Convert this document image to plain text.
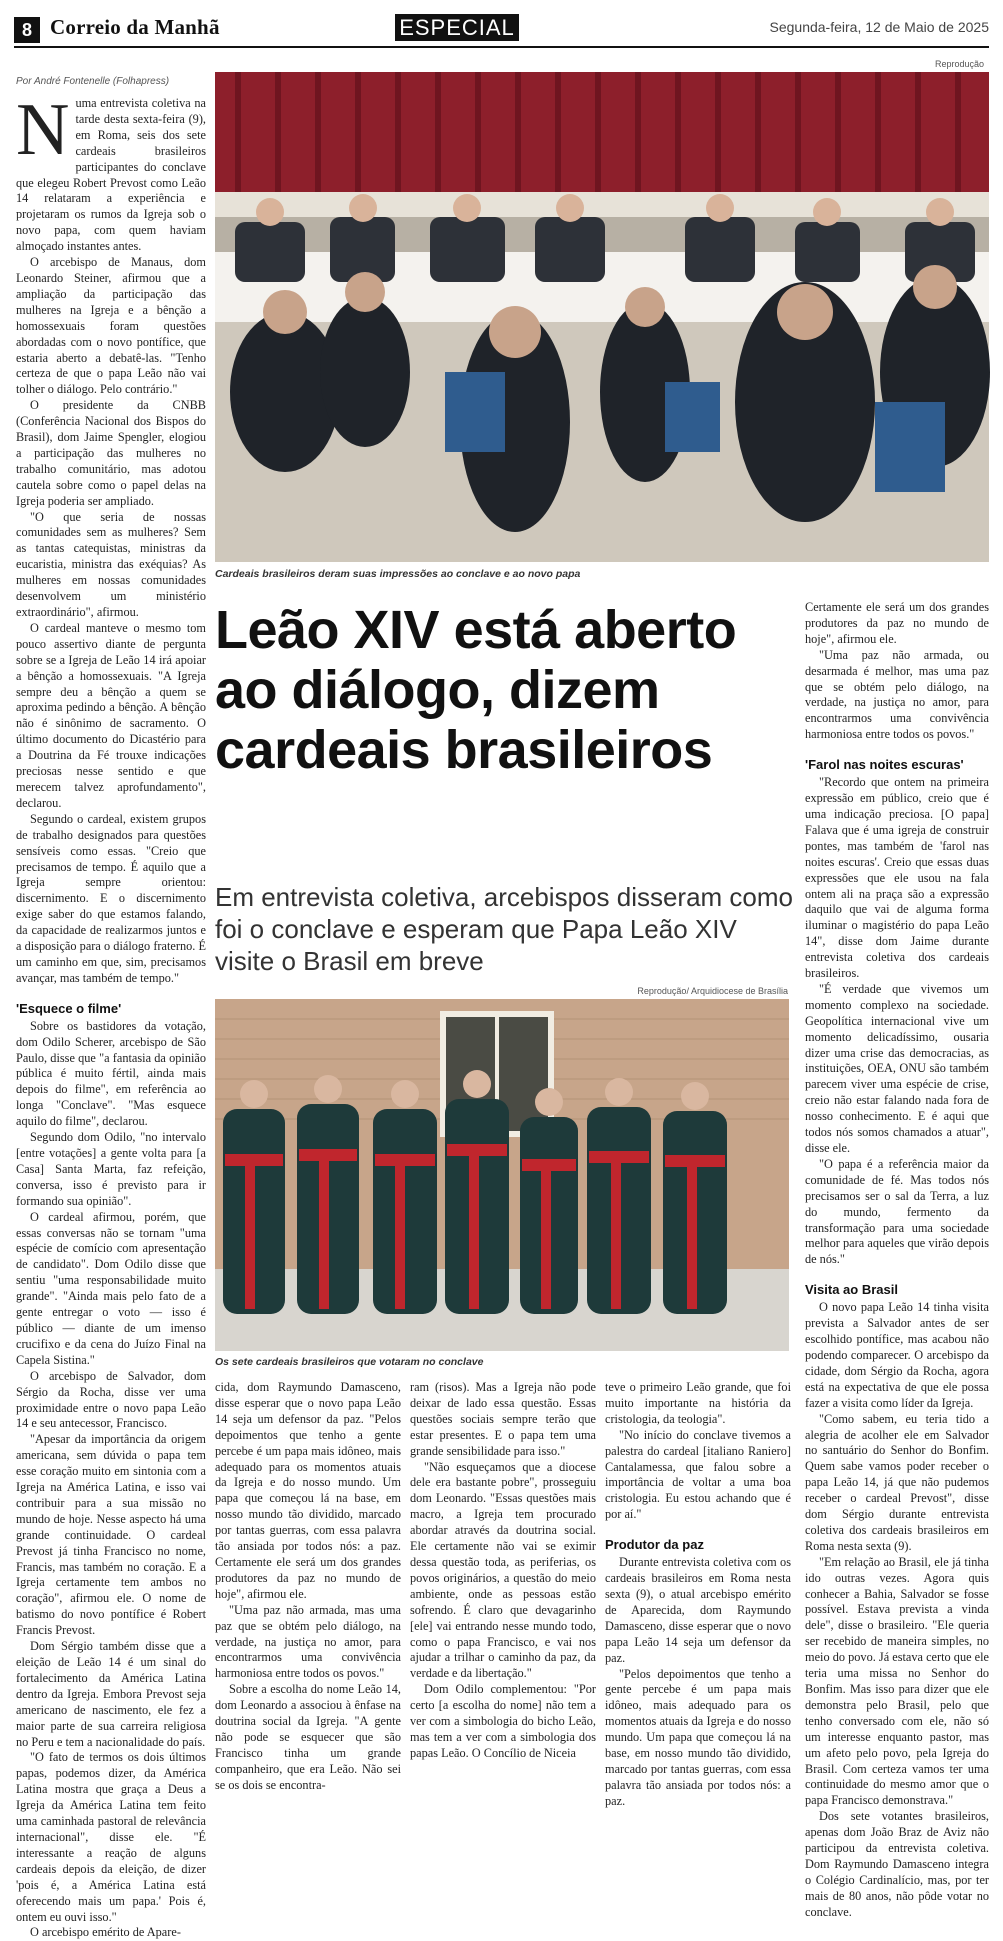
8 Correio da Manhã	ESPECIAL	Segunda-feira, 12 de Maio de 2025
Por André Fontenelle (Folhapress)

Numa entrevista coletiva na tarde desta sexta-feira (9), em Roma, seis dos sete cardeais brasileiros participantes do conclave que elegeu Robert Prevost como Leão 14 relataram a experiência e projetaram os rumos da Igreja sob o novo papa, com quem haviam almoçado instantes antes.

O arcebispo de Manaus, dom Leonardo Steiner, afirmou que a ampliação da participação das mulheres na Igreja e a bênção a homossexuais foram questões abordadas com o novo pontífice, que estaria aberto a debatê-las. "Tenho certeza de que o papa Leão não vai tolher o diálogo. Pelo contrário."

O presidente da CNBB (Conferência Nacional dos Bispos do Brasil), dom Jaime Spengler, elogiou a participação das mulheres no trabalho comunitário, mas adotou cautela sobre como o papel delas na Igreja poderia ser ampliado.

"O que seria de nossas comunidades sem as mulheres? Sem as tantas catequistas, ministras da eucaristia, ministra das exéquias? As mulheres em nossas comunidades desenvolvem um ministério extraordinário", afirmou.

O cardeal manteve o mesmo tom pouco assertivo diante de pergunta sobre se a Igreja de Leão 14 irá apoiar a bênção a homossexuais. "A Igreja sempre deu a bênção a quem se aproxima pedindo a bênção. A bênção não é sinônimo de sacramento. O último documento do Dicastério para a Doutrina da Fé trouxe indicações preciosas nesse sentido e que merecem talvez aprofundamento", declarou.

Segundo o cardeal, existem grupos de trabalho designados para questões sensíveis como essas. "Creio que precisamos de tempo. É aquilo que a Igreja sempre orientou: discernimento. E o discernimento exige saber do que estamos falando, da capacidade de realizarmos juntos e a disposição para o diálogo fraterno. É um caminho em que, sim, precisamos avançar, mas também de tempo."

'Esquece o filme'

Sobre os bastidores da votação, dom Odilo Scherer, arcebispo de São Paulo, disse que "a fantasia da opinião pública é muito fértil, ainda mais depois do filme", em referência ao longa "Conclave". "Mas esquece aquilo do filme", declarou.

Segundo dom Odilo, "no intervalo [entre votações] a gente volta para [a Casa] Santa Marta, faz refeição, conversa, isso é previsto para ir formando sua opinião".

O cardeal afirmou, porém, que essas conversas não se tornam "uma espécie de comício com apresentação de candidato". Dom Odilo disse que sentiu "uma responsabilidade muito grande". "Ainda mais pelo fato de a gente entregar o voto — isso é público — diante de um imenso crucifixo e da cena do Juízo Final na Capela Sistina."

O arcebispo de Salvador, dom Sérgio da Rocha, disse ver uma proximidade entre o novo papa Leão 14 e seu antecessor, Francisco.

"Apesar da importância da origem americana, sem dúvida o papa tem esse coração muito em sintonia com a Igreja na América Latina, e isso vai contribuir para a sua missão no mundo de hoje. Nesse aspecto há uma grande continuidade. O cardeal Prevost já tinha Francisco no nome, Francis, mas também no coração. E a Igreja certamente tem ambos no coração", afirmou ele. O nome de batismo do novo pontífice é Robert Francis Prevost.

Dom Sérgio também disse que a eleição de Leão 14 é um sinal do fortalecimento da América Latina dentro da Igreja. Embora Prevost seja americano de nascimento, ele fez a maior parte de sua carreira religiosa no Peru e tem a nacionalidade do país.

"O fato de termos os dois últimos papas, podemos dizer, da América Latina mostra que graça a Deus a Igreja da América Latina tem feito uma caminhada pastoral de relevância internacional", disse ele. "É interessante a reação de alguns cardeais depois da eleição, de dizer 'pois é, a América Latina está oferecendo mais um papa.' Pois é, ontem eu ouvi isso."

O arcebispo emérito de Apare-

Reprodução
Cardeais brasileiros deram suas impressões ao conclave e ao novo papa
Leão XIV está aberto ao diálogo, dizem cardeais brasileiros
Em entrevista coletiva, arcebispos disseram como foi o conclave e esperam que Papa Leão XIV visite o Brasil em breve
Reprodução/ Arquidiocese de Brasília
Os sete cardeais brasileiros que votaram no conclave

cida, dom Raymundo Damasceno, disse esperar que o novo papa Leão 14 seja um defensor da paz. "Pelos depoimentos que tenho a gente percebe é um papa mais idôneo, mais adequado para os momentos atuais da Igreja e do nosso mundo. Um papa que começou lá na base, em nosso mundo tão dividido, marcado por tantas guerras, com essa palavra tão ansiada por todos nós: a paz. Certamente ele será um dos grandes produtores da paz no mundo de hoje", afirmou ele.

"Uma paz não armada, mas uma paz que se obtém pelo diálogo, na verdade, na justiça no amor, para encontrarmos uma convivência harmoniosa entre todos os povos."

Sobre a escolha do nome Leão 14, dom Leonardo a associou à ênfase na doutrina social da Igreja. "A gente não pode se esquecer que são Francisco tinha um grande companheiro, que era Leão. Não sei se os dois se encontra-

ram (risos). Mas a Igreja não pode deixar de lado essa questão. Essas questões sociais sempre terão que estar presentes. E o papa tem uma grande sensibilidade para isso."

"Não esqueçamos que a diocese dele era bastante pobre", prosseguiu dom Leonardo. "Essas questões mais macro, a Igreja tem procurado abordar através da doutrina social. Ele certamente não vai se eximir dessa questão toda, as periferias, os povos originários, a questão do meio ambiente, onde as pessoas estão sofrendo. É claro que devagarinho [ele] vai entrando nesse mundo todo, como o papa Francisco, e vai nos ajudar a trilhar o caminho da paz, da verdade e da libertação."

Dom Odilo complementou: "Por certo [a escolha do nome] não tem a ver com a simbologia do bicho Leão, mas tem a ver com a simbologia dos papas Leão. O Concílio de Niceia

teve o primeiro Leão grande, que foi muito importante na história da cristologia, da teologia".

"No início do conclave tivemos a palestra do cardeal [italiano Raniero] Cantalamessa, que falou sobre a importância de voltar a uma boa cristologia. Eu estou achando que é por aí."

Produtor da paz

Durante entrevista coletiva com os cardeais brasileiros em Roma nesta sexta (9), o atual arcebispo emérito de Aparecida, dom Raymundo Damasceno, disse esperar que o novo papa Leão 14 seja um defensor da paz.

"Pelos depoimentos que tenho a gente percebe é um papa mais idôneo, mais adequado para os momentos atuais da Igreja e do nosso mundo. Um papa que começou lá na base, em nosso mundo tão dividido, marcado por tantas guerras, com essa palavra tão ansiada por todos nós: a paz.

Certamente ele será um dos grandes produtores da paz no mundo de hoje", afirmou ele.

"Uma paz não armada, ou desarmada é melhor, mas uma paz que se obtém pelo diálogo, na verdade, na justiça no amor, para encontrarmos uma convivência harmoniosa entre todos os povos."

'Farol nas noites escuras'

"Recordo que ontem na primeira expressão em público, creio que é uma indicação preciosa. [O papa] Falava que é uma igreja de construir pontes, mas também de 'farol nas noites escuras'. Creio que essas duas expressões que ele usou na fala ontem ali na praça são a expressão daquilo que vai de alguma forma iluminar o magistério do papa Leão 14", disse dom Jaime durante entrevista coletiva dos cardeais brasileiros.

"É verdade que vivemos um momento complexo na sociedade. Geopolítica internacional vive um momento delicadíssimo, ousaria dizer uma crise das democracias, as instituições, OEA, ONU são também parecem viver uma espécie de crise, creio não estar falando nada fora de nosso conhecimento. E é aqui que todos nós somos chamados a atuar", disse ele.

"O papa é a referência maior da comunidade de fé. Mas todos nós precisamos ser o sal da Terra, a luz do mundo, fermento da transformação para uma sociedade melhor para aqueles que virão depois de nós."

Visita ao Brasil

O novo papa Leão 14 tinha visita prevista a Salvador antes de ser escolhido pontífice, mas acabou não podendo comparecer. O arcebispo da cidade, dom Sérgio da Rocha, agora está na expectativa de que ele possa fazer a visita como líder da Igreja.

"Como sabem, eu teria tido a alegria de acolher ele em Salvador no santuário do Senhor do Bonfim. Quem sabe vamos poder receber o papa Leão 14, já que não pudemos receber o cardeal Prevost", disse dom Sérgio durante entrevista coletiva dos cardeais brasileiros em Roma nesta sexta (9).

"Em relação ao Brasil, ele já tinha ido outras vezes. Agora quis conhecer a Bahia, Salvador se fosse possível. Estava prevista a vinda dele", disse o brasileiro. "Ele queria ser recebido de maneira simples, no meio do povo. Já estava certo que ele teria uma missa no Senhor do Bonfim. Mas isso para dizer que ele demonstra pelo Brasil, pelo que tenho conversado com ele, não só um interesse enquanto pastor, mas um afeto pelo povo, pela Igreja do Brasil. Com certeza vamos ter uma continuidade do mesmo amor que o papa Francisco demonstrava."

Dos sete votantes brasileiros, apenas dom João Braz de Aviz não participou da entrevista coletiva. Dom Raymundo Damasceno integra o Colégio Cardinalício, mas, por ter mais de 80 anos, não pôde votar no conclave.
